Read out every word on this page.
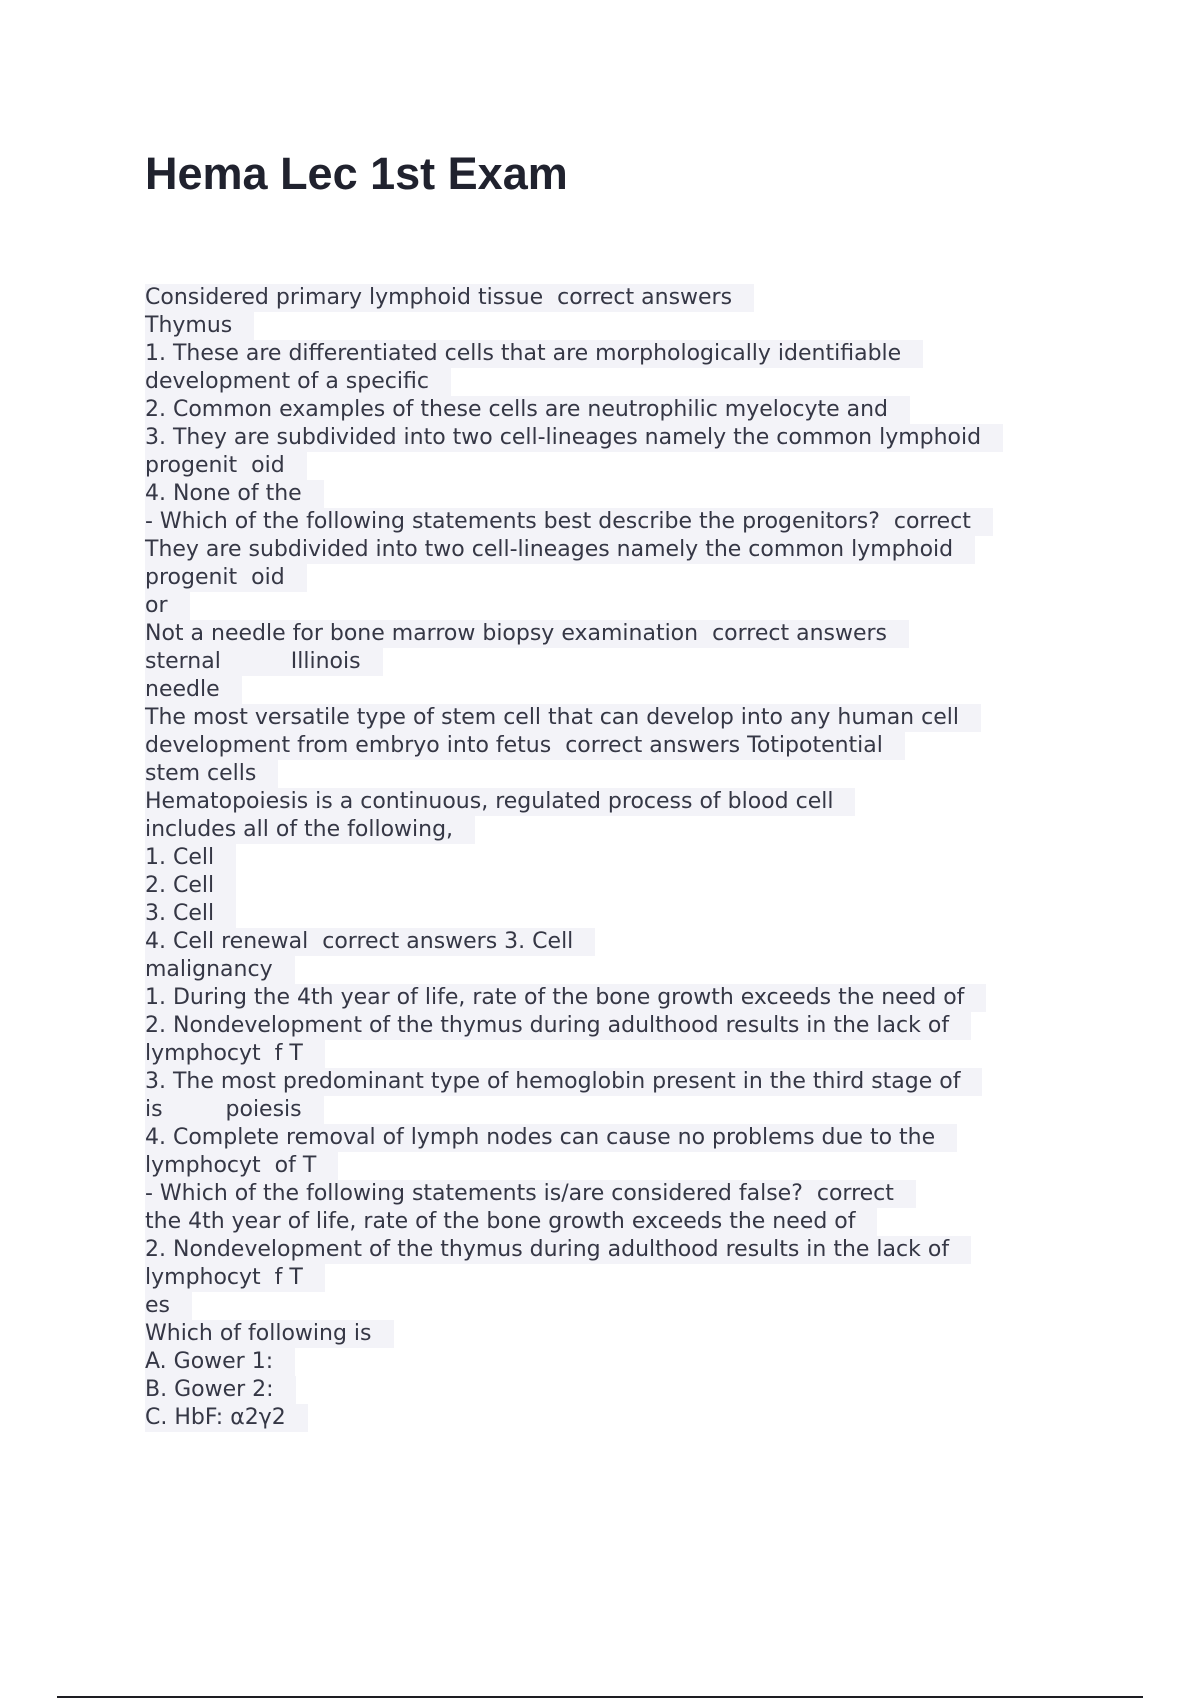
Hema Lec 1st Exam
Considered primary lymphoid tissue  correct answers
Thymus
1. These are differentiated cells that are morphologically identifiable
development of a specific
2. Common examples of these cells are neutrophilic myelocyte and
3. They are subdivided into two cell-lineages namely the common lymphoid
progenit  oid
4. None of the
- Which of the following statements best describe the progenitors?  correct
They are subdivided into two cell-lineages namely the common lymphoid
progenit  oid
or
Not a needle for bone marrow biopsy examination  correct answers
sternal          Illinois
needle
The most versatile type of stem cell that can develop into any human cell
development from embryo into fetus  correct answers Totipotential
stem cells
Hematopoiesis is a continuous, regulated process of blood cell
includes all of the following,
1. Cell
2. Cell
3. Cell
4. Cell renewal  correct answers 3. Cell
malignancy
1. During the 4th year of life, rate of the bone growth exceeds the need of
2. Nondevelopment of the thymus during adulthood results in the lack of
lymphocyt  f T
3. The most predominant type of hemoglobin present in the third stage of
is         poiesis
4. Complete removal of lymph nodes can cause no problems due to the
lymphocyt  of T
- Which of the following statements is/are considered false?  correct
the 4th year of life, rate of the bone growth exceeds the need of
2. Nondevelopment of the thymus during adulthood results in the lack of
lymphocyt  f T
es
Which of following is
A. Gower 1:
B. Gower 2:
C. HbF: α2γ2
